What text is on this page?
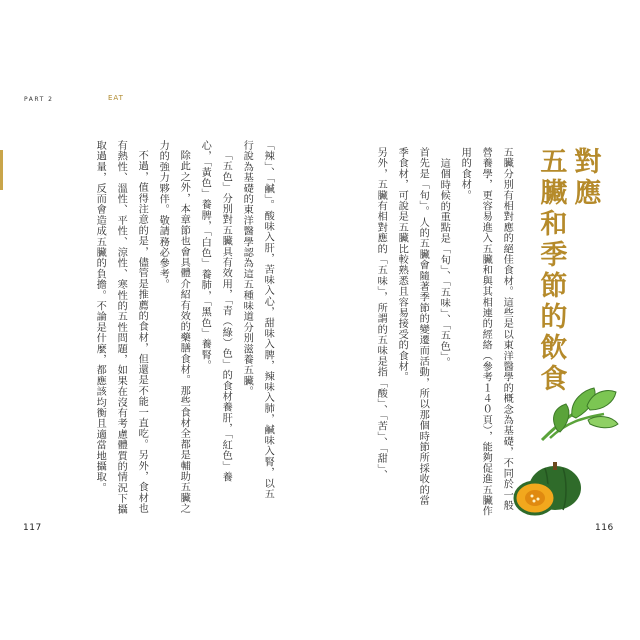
PART 2	EAT
對應
五臟和季節的飲食
五臟分別有相對應的絕佳食材。這些是以東洋醫學的概念為基礎，不同於一般
營養學，更容易進入五臟和與其相連的經絡（參考１４０頁），能夠促進五臟作
用的食材。
這個時候的重點是「旬」、「五味」、「五色」。
首先是「旬」。人的五臟會隨著季節的變遷而活動，所以那個時節所採收的當
季食材，可說是五臟比較熟悉且容易接受的食材。
另外，五臟有相對應的「五味」，所謂的五味是指「酸」、「苦」、「甜」、
「辣」、「鹹」。酸味入肝，苦味入心，甜味入脾，辣味入肺，鹹味入腎，以五
行說為基礎的東洋醫學認為這五種味道分別滋養五臟。
「五色」分別對五臟具有效用，「青（綠）色」的食材養肝，「紅色」養
心，「黃色」養脾，「白色」養肺，「黑色」養腎。
除此之外，本章節也會具體介紹有效的藥膳食材。那些食材全都是輔助五臟之
力的強力夥伴。敬請務必參考。
不過，值得注意的是，儘管是推薦的食材，但還是不能一直吃。另外，食材也
有熱性、溫性、平性、涼性、寒性的五性問題，如果在沒有考慮體質的情況下攝
取過量，反而會造成五臟的負擔。不論是什麼，都應該均衡且適當地攝取。
117	116
